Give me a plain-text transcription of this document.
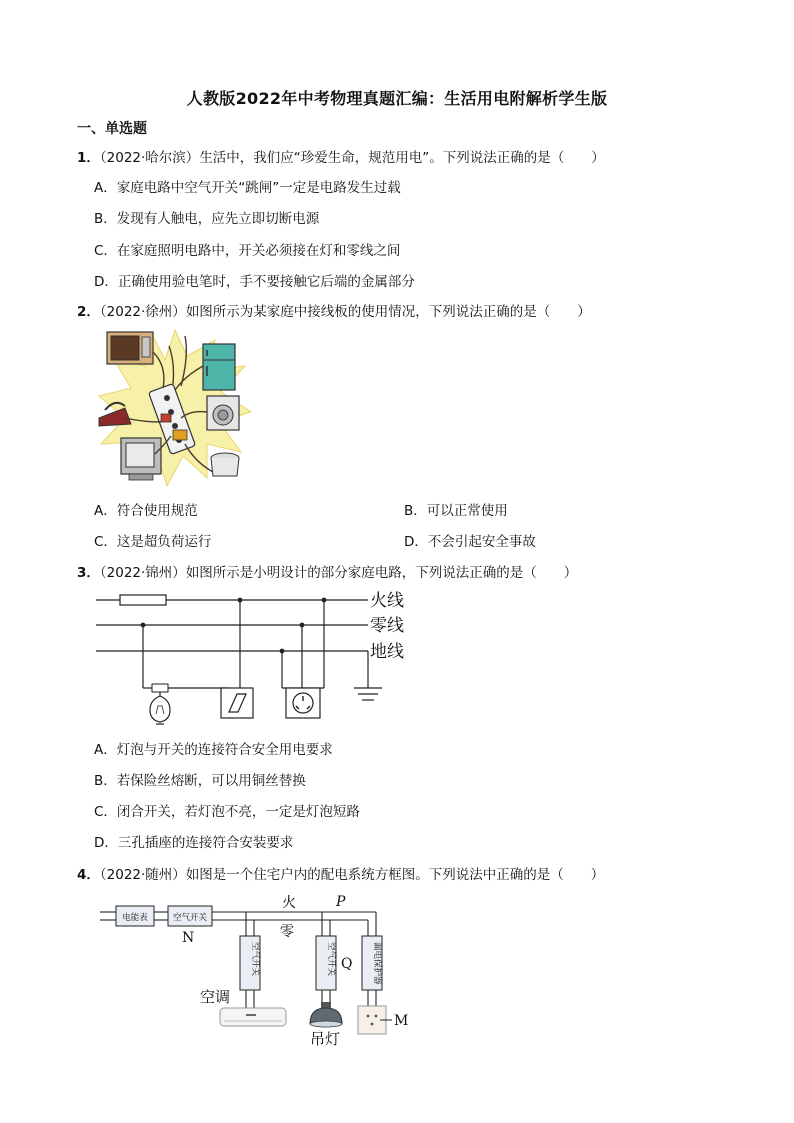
人教版2022年中考物理真题汇编：生活用电附解析学生版
一、单选题
1．（2022·哈尔滨）生活中，我们应“珍爱生命，规范用电”。下列说法正确的是（　　）
A．家庭电路中空气开关“跳闸”一定是电路发生过载
B．发现有人触电，应先立即切断电源
C．在家庭照明电路中，开关必须接在灯和零线之间
D．正确使用验电笔时，手不要接触它后端的金属部分
2．（2022·徐州）如图所示为某家庭中接线板的使用情况，下列说法正确的是（　　）
A．符合使用规范	B．可以正常使用
C．这是超负荷运行	D．不会引起安全事故
3．（2022·锦州）如图所示是小明设计的部分家庭电路，下列说法正确的是（　　）
火线
零线
地线
A．灯泡与开关的连接符合安全用电要求
B．若保险丝熔断，可以用铜丝替换
C．闭合开关，若灯泡不亮，一定是灯泡短路
D．三孔插座的连接符合安装要求
4．（2022·随州）如图是一个住宅户内的配电系统方框图。下列说法中正确的是（　　）
电能表	空气开关
空气开关	空气开关	漏电保护器
火
零
P
N
Q
空调
吊灯
M
